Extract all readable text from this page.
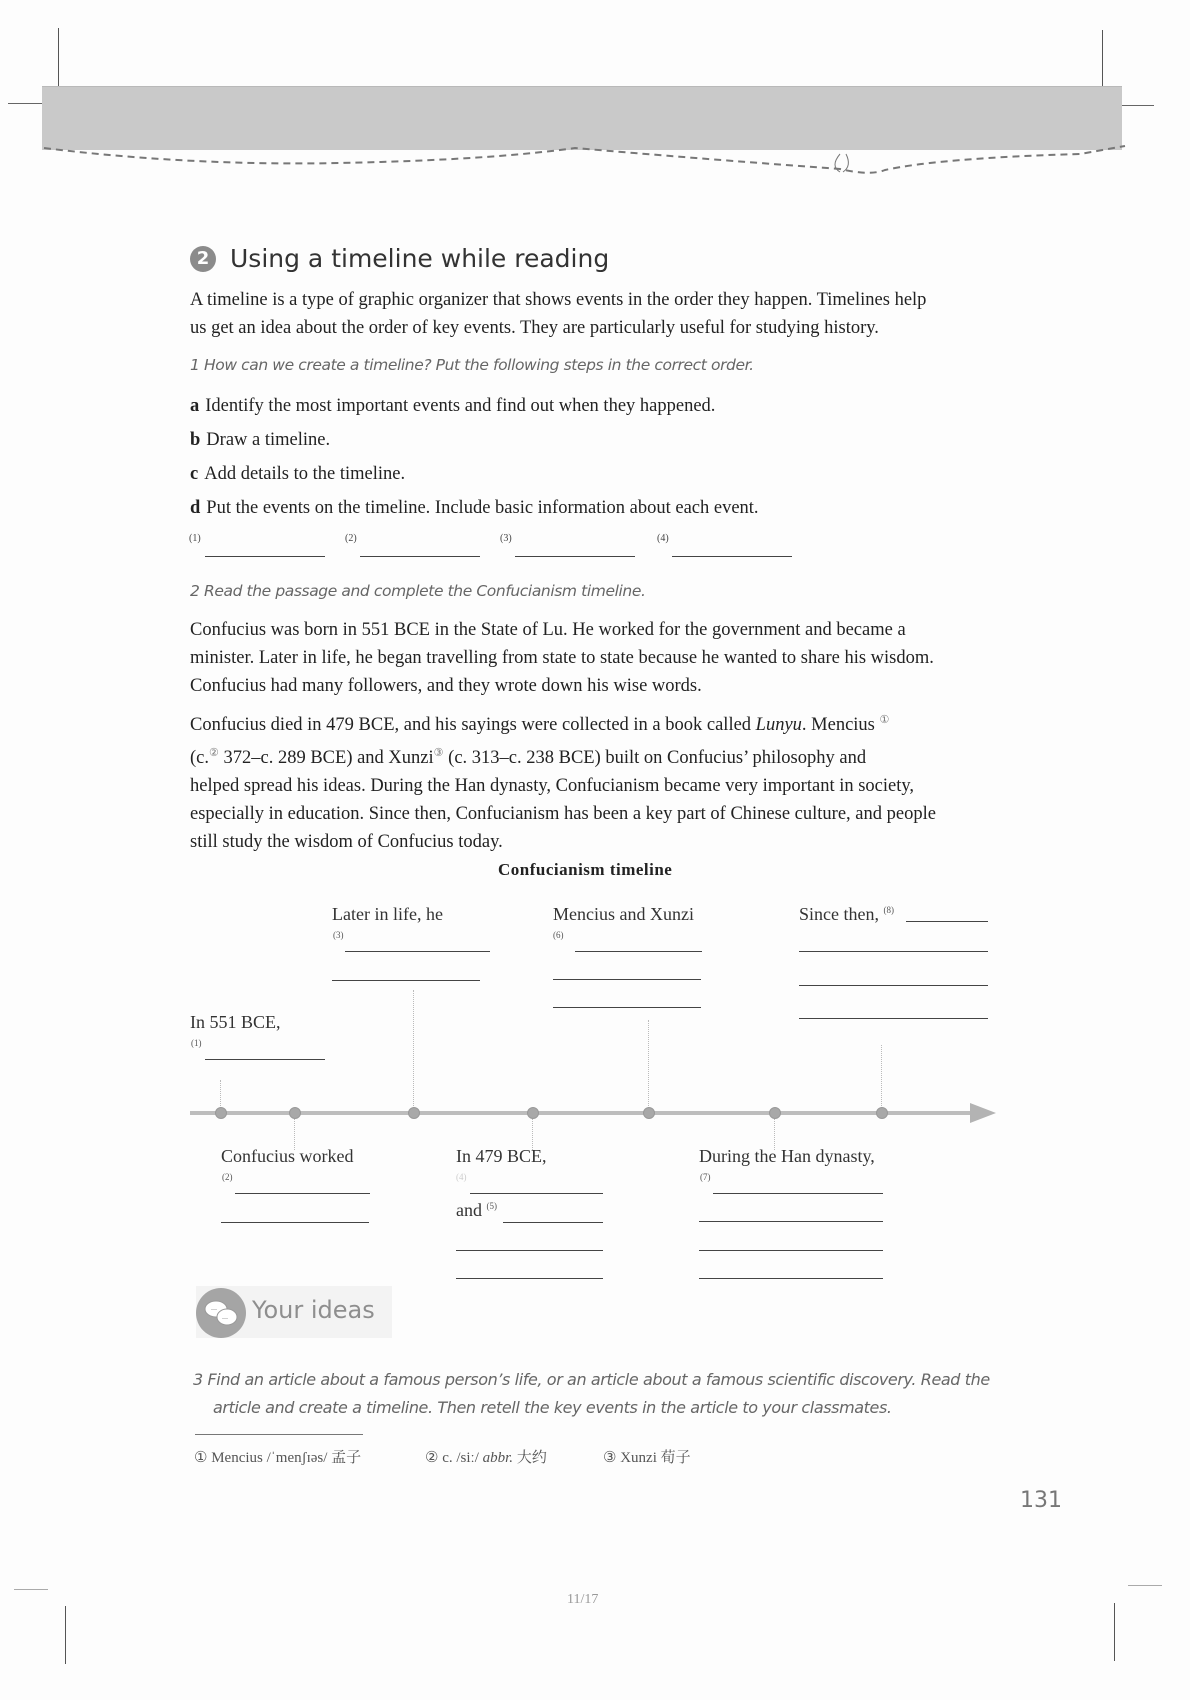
2 Using a timeline while reading
A timeline is a type of graphic organizer that shows events in the order they happen. Timelines help
us get an idea about the order of key events. They are particularly useful for studying history.
1 How can we create a timeline? Put the following steps in the correct order.
a Identify the most important events and find out when they happened.
b Draw a timeline.
c Add details to the timeline.
d Put the events on the timeline. Include basic information about each event.
(1)	(2)	(3)	(4)
2 Read the passage and complete the Confucianism timeline.
Confucius was born in 551 BCE in the State of Lu. He worked for the government and became a
minister. Later in life, he began travelling from state to state because he wanted to share his wisdom.
Confucius had many followers, and they wrote down his wise words.
Confucius died in 479 BCE, and his sayings were collected in a book called Lunyu. Mencius ①
(c.② 372–c. 289 BCE) and Xunzi③ (c. 313–c. 238 BCE) built on Confucius’ philosophy and
helped spread his ideas. During the Han dynasty, Confucianism became very important in society,
especially in education. Since then, Confucianism has been a key part of Chinese culture, and people
still study the wisdom of Confucius today.
Confucianism timeline
In 551 BCE,
(1)
Later in life, he
(3)
Mencius and Xunzi
(6)
Since then, $^{(8)}$
Confucius worked
(2)
In 479 BCE,
(4)
and $^{(5)}$
During the Han dynasty,
(7)
...
... Your ideas
3 Find an article about a famous person’s life, or an article about a famous scientific discovery. Read the
article and create a timeline. Then retell the key events in the article to your classmates.
① Mencius /ˈmenʃɪəs/ 孟子	② c. /siː/ abbr. 大约	③ Xunzi 荀子
131
11/17
